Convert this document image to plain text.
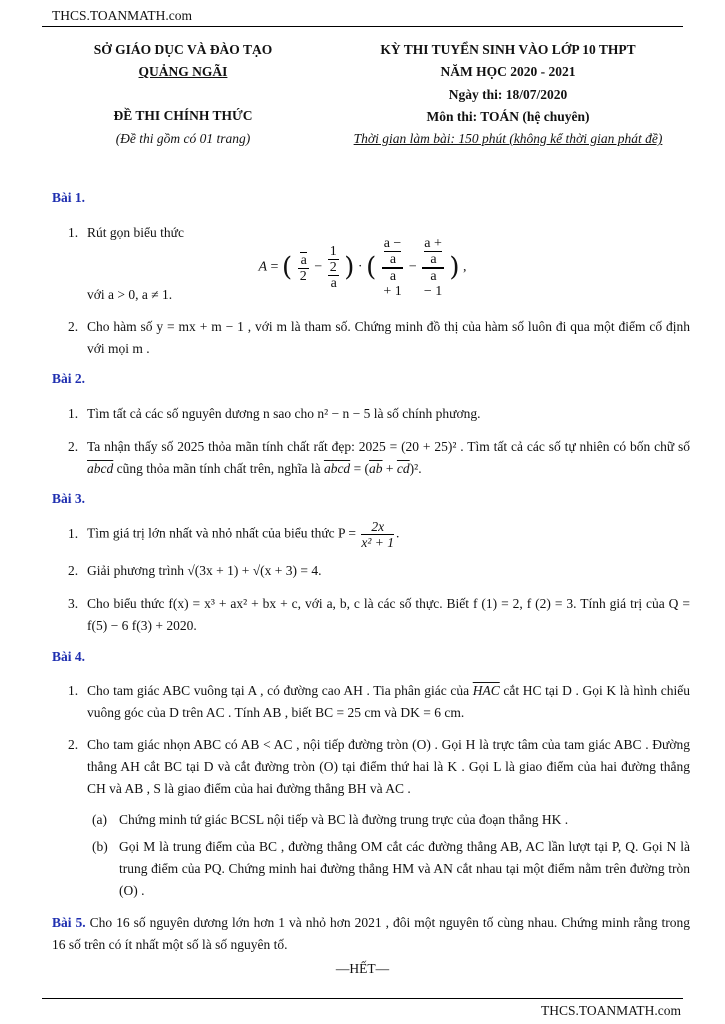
THCS.TOANMATH.com
SỞ GIÁO DỤC VÀ ĐÀO TẠO
QUẢNG NGÃI
ĐỀ THI CHÍNH THỨC
(Đề thi gồm có 01 trang)
KỲ THI TUYỂN SINH VÀO LỚP 10 THPT
NĂM HỌC 2020 - 2021
Ngày thi: 18/07/2020
Môn thi: TOÁN (hệ chuyên)
Thời gian làm bài: 150 phút (không kể thời gian phát đề)
Bài 1.
1. Rút gọn biểu thức
A = ( $\frac{a}{2} - 1$
2
a ) · ( a −
a
a
+ 1 − a +
a
a
− 1 ) ,
với a > 0, a ≠ 1.
2. Cho hàm số y = mx + m − 1 , với m là tham số. Chứng minh đồ thị của hàm số luôn đi qua một điểm cố định với mọi m .
Bài 2.
1. Tìm tất cả các số nguyên dương n sao cho n² − n − 5 là số chính phương.
2. Ta nhận thấy số 2025 thỏa mãn tính chất rất đẹp: 2025 = (20 + 25)² . Tìm tất cả các số tự nhiên có bốn chữ số abcd cũng thỏa mãn tính chất trên, nghĩa là abcd = $(\overline{ab} + \overline{cd})^2$.
Bài 3.
1. Tìm giá trị lớn nhất và nhỏ nhất của biểu thức $P = \frac{2x}{\text{x² + 1}}$ .
2. Giải phương trình √(3x + 1) + √(x + 3) = 4.
3. Cho biểu thức f(x) = x³ + ax² + bx + c, với a, b, c là các số thực. Biết f (1) = 2, f (2) = 3. Tính giá trị của Q = f(5) − 6 f(3) + 2020.
Bài 4.
1. Cho tam giác ABC vuông tại A , có đường cao AH . Tia phân giác của $\overline{HAC}$ cắt HC tại D . Gọi K là hình chiếu vuông góc của D trên AC . Tính AB , biết BC = 25 cm và DK = 6 cm.
2. Cho tam giác nhọn ABC có AB < AC , nội tiếp đường tròn (O) . Gọi H là trực tâm của tam giác ABC . Đường thẳng AH cắt BC tại D và cắt đường tròn (O) tại điểm thứ hai là K . Gọi L là giao điểm của hai đường thẳng CH và AB , S là giao điểm của hai đường thẳng BH và AC .
(a) Chứng minh tứ giác BCSL nội tiếp và BC là đường trung trực của đoạn thẳng HK .
(b) Gọi M là trung điểm của BC , đường thẳng OM cắt các đường thẳng AB, AC lần lượt tại P, Q. Gọi N là trung điểm của PQ. Chứng minh hai đường thẳng HM và AN cắt nhau tại một điểm nằm trên đường tròn (O) .
Bài 5. Cho 16 số nguyên dương lớn hơn 1 và nhỏ hơn 2021 , đôi một nguyên tố cùng nhau. Chứng minh rằng trong 16 số trên có ít nhất một số là số nguyên tố.
—HẾT—
THCS.TOANMATH.com
